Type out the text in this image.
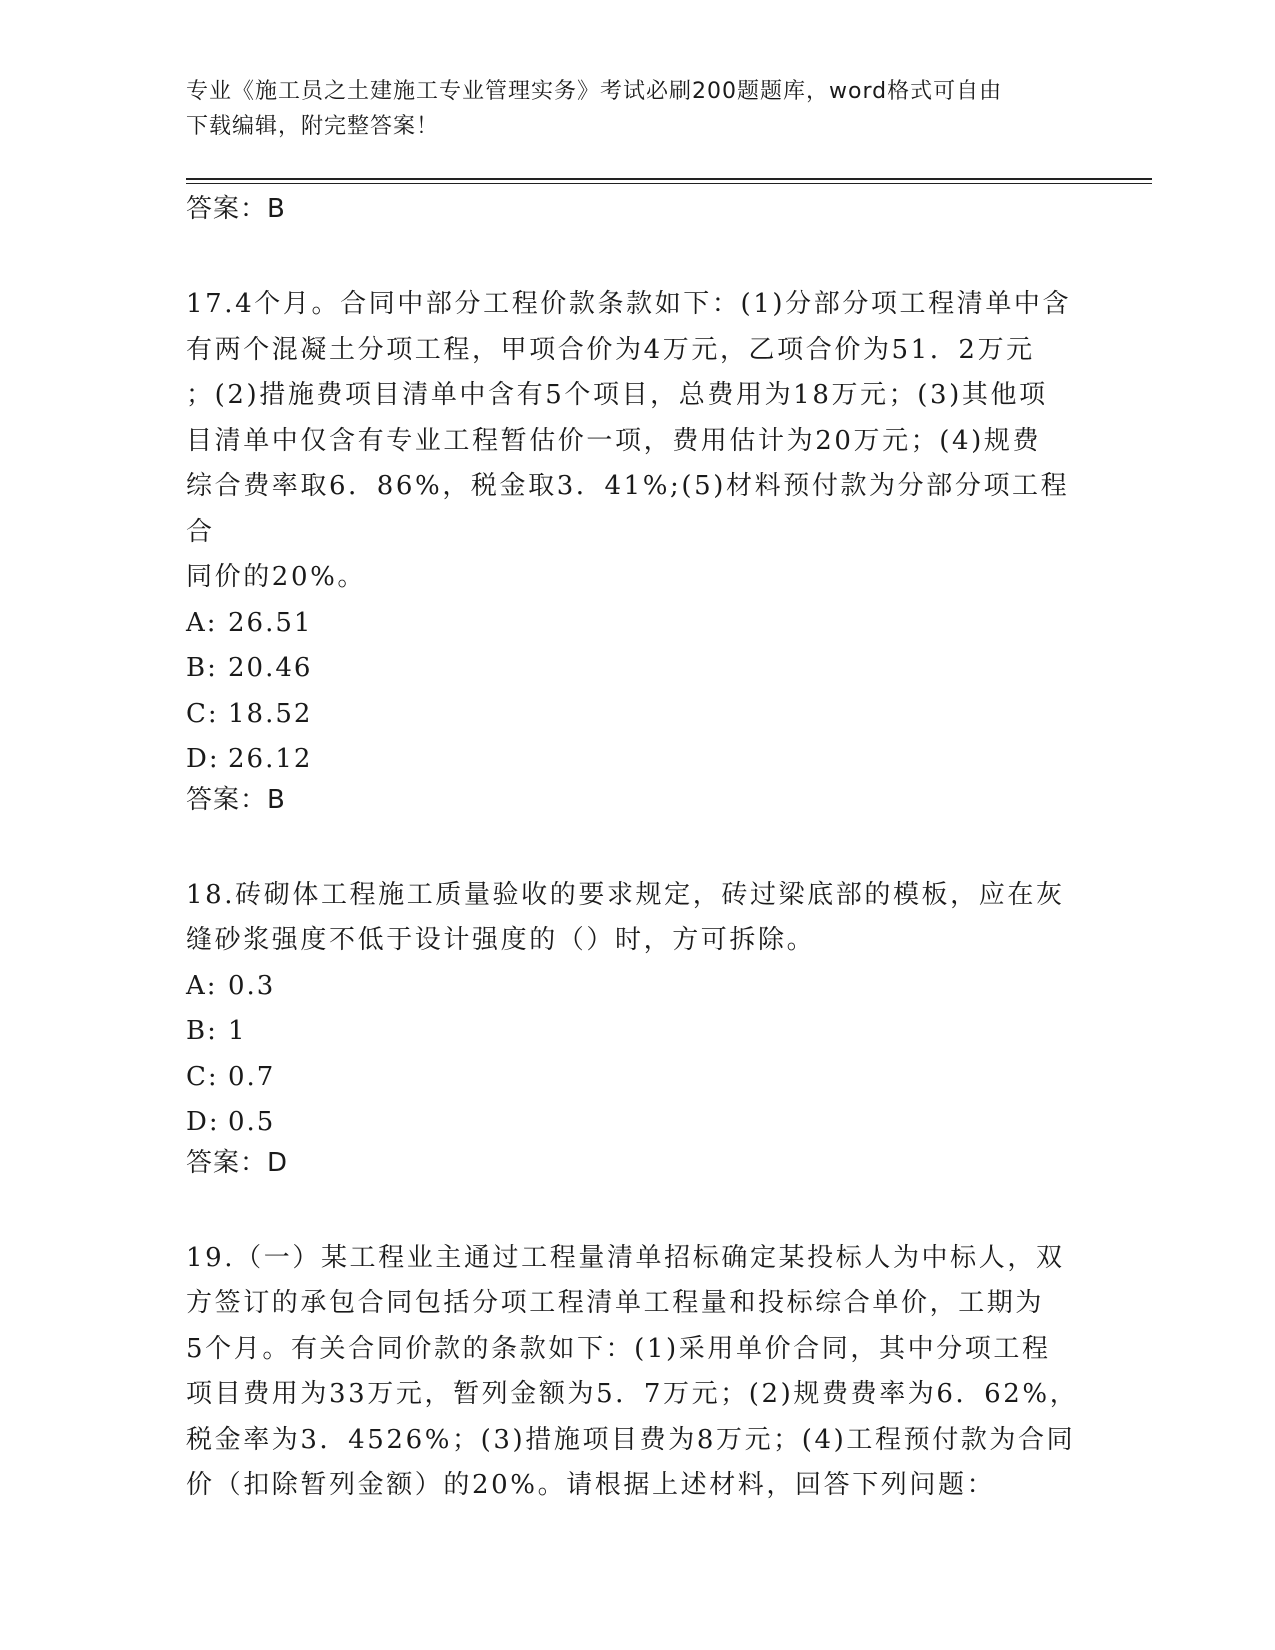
专业《施工员之土建施工专业管理实务》考试必刷200题题库，word格式可自由
下载编辑，附完整答案！

答案：B

17.4个月。合同中部分工程价款条款如下：(1)分部分项工程清单中含

有两个混凝土分项工程，甲项合价为4万元，乙项合价为51．2万元

；(2)措施费项目清单中含有5个项目，总费用为18万元；(3)其他项

目清单中仅含有专业工程暂估价一项，费用估计为20万元；(4)规费

综合费率取6．86%，税金取3．41%;(5)材料预付款为分部分项工程合

同价的20%。

A: 26.51

B: 20.46

C: 18.52

D: 26.12

答案：B

18.砖砌体工程施工质量验收的要求规定，砖过梁底部的模板，应在灰

缝砂浆强度不低于设计强度的（）时，方可拆除。

A: 0.3

B: 1

C: 0.7

D: 0.5

答案：D

19.（一）某工程业主通过工程量清单招标确定某投标人为中标人，双

方签订的承包合同包括分项工程清单工程量和投标综合单价，工期为

5个月。有关合同价款的条款如下：(1)采用单价合同，其中分项工程

项目费用为33万元，暂列金额为5．7万元；(2)规费费率为6．62%，

税金率为3．4526%；(3)措施项目费为8万元；(4)工程预付款为合同

价（扣除暂列金额）的20%。请根据上述材料，回答下列问题：
